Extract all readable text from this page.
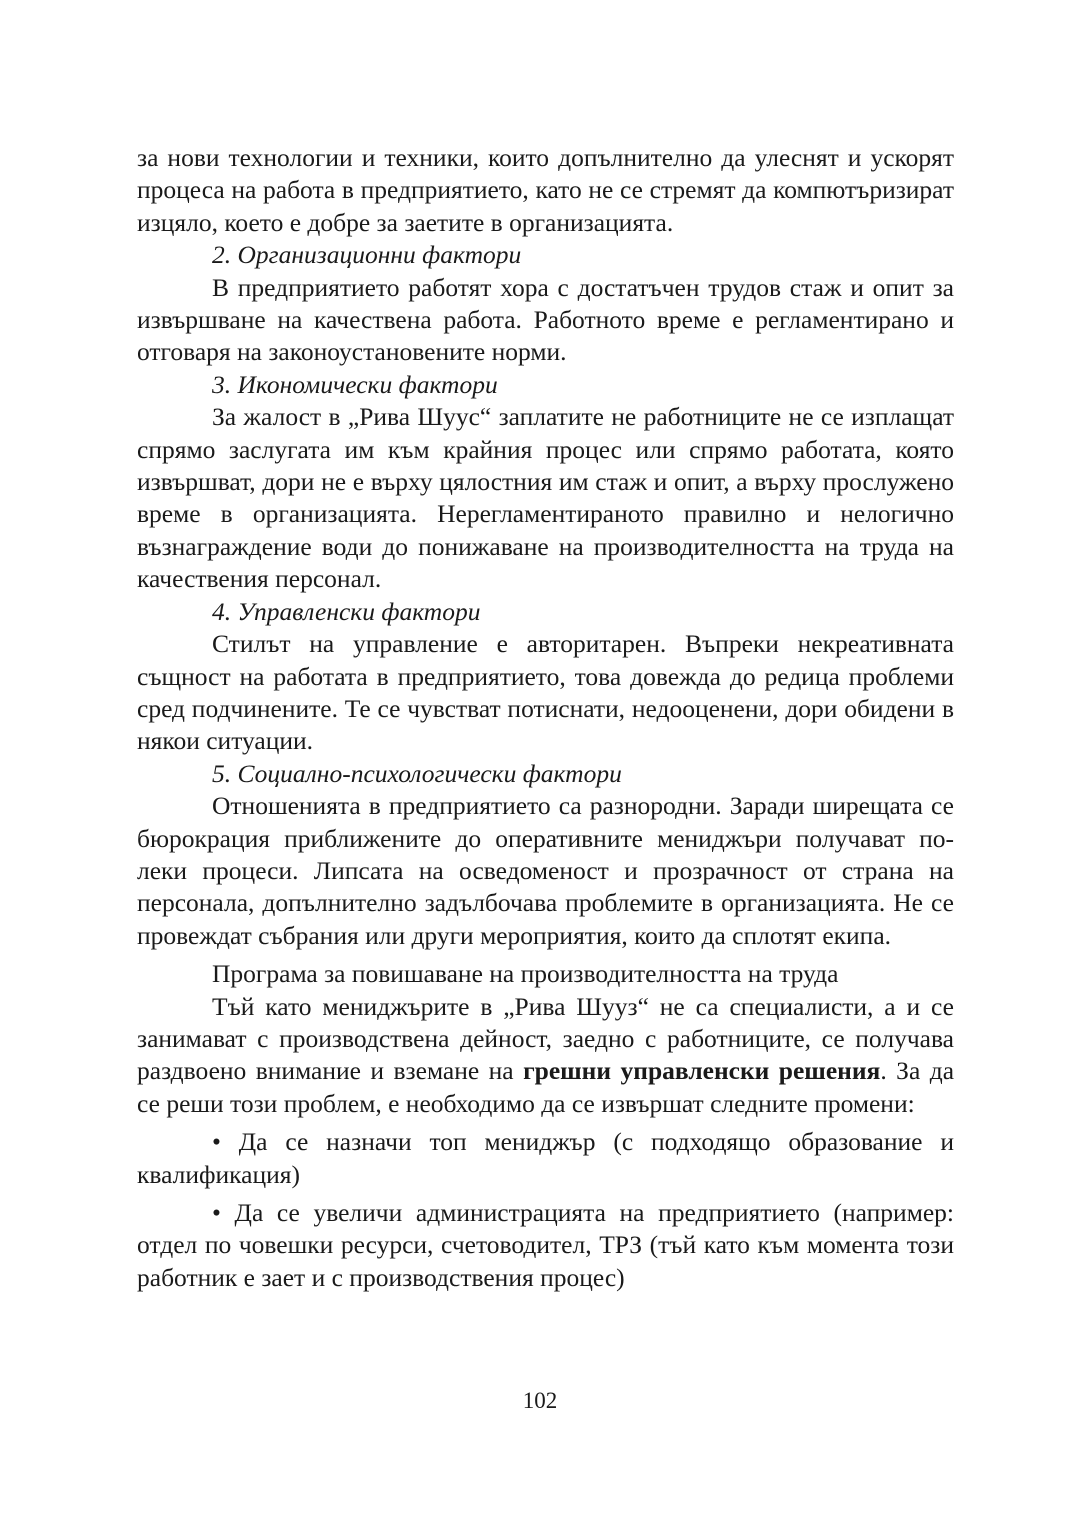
за нови технологии и техники, които допълнително да улеснят и ускорят процеса на работа в предприятието, като не се стремят да компютъризират изцяло, което е добре за заетите в организацията.

2. Организационни фактори

В предприятието работят хора с достатъчен трудов стаж и опит за извършване на качествена работа. Работното време е регламентирано и отговаря на законоустановените норми.

3. Икономически фактори

За жалост в „Рива Шуус“ заплатите не работниците не се изплащат спрямо заслугата им към крайния процес или спрямо работата, която извършват, дори не е върху цялостния им стаж и опит, а върху прослужено време в организацията. Нерегламентираното правилно и нелогично възнаграждение води до понижаване на производителността на труда на качествения персонал.

4. Управленски фактори

Стилът на управление е авторитарен. Въпреки некреативната същност на работата в предприятието, това довежда до редица проблеми сред подчинените. Те се чувстват потиснати, недооценени, дори обидени в някои ситуации.

5. Социално-психологически фактори

Отношенията в предприятието са разнородни. Заради ширещата се бюрокрация приближените до оперативните мениджъри получават по-леки процеси. Липсата на осведоменост и прозрачност от страна на персонала, допълнително задълбочава проблемите в организацията. Не се провеждат събрания или други мероприятия, които да сплотят екипа.

Програма за повишаване на производителността на труда

Тъй като мениджърите в „Рива Шууз“ не са специалисти, а и се занимават с производствена дейност, заедно с работниците, се получава раздвоено внимание и вземане на грешни управленски решения. За да се реши този проблем, е необходимо да се извършат следните промени:

• Да се назначи топ мениджър (с подходящо образование и квалификация)

• Да се увеличи администрацията на предприятието (например: отдел по човешки ресурси, счетоводител, ТРЗ (тъй като към момента този работник е зает и с производствения процес)

102
